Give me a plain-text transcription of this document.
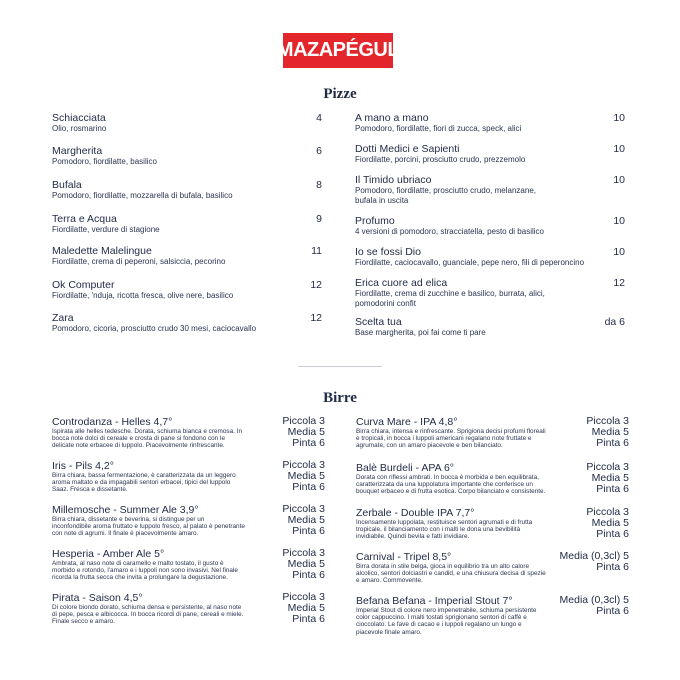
MAZAPÉGUL
Pizze
Schiacciata
Olio, rosmarino
4
Margherita
Pomodoro, fiordilatte, basilico
6
Bufala
Pomodoro, fiordilatte, mozzarella di bufala, basilico
8
Terra e Acqua
Fiordilatte, verdure di stagione
9
Maledette Malelingue
Fiordilatte, crema di peperoni, salsiccia, pecorino
11
Ok Computer
Fiordilatte, 'nduja, ricotta fresca, olive nere, basilico
12
Zara
Pomodoro, cicoria, prosciutto crudo 30 mesi, caciocavallo
12
A mano a mano
Pomodoro, fiordilatte, fiori di zucca, speck, alici
10
Dotti Medici e Sapienti
Fiordilatte, porcini, prosciutto crudo, prezzemolo
10
Il Timido ubriaco
Pomodoro, fiordilatte, prosciutto crudo, melanzane, bufala in uscita
10
Profumo
4 versioni di pomodoro, stracciatella, pesto di basilico
10
Io se fossi Dio
Fiordilatte, caciocavallo, guanciale, pepe nero, fili di peperoncino
10
Erica cuore ad elica
Fiordilatte, crema di zucchine e basilico, burrata, alici, pomodorini confit
12
Scelta tua
Base margherita, poi fai come ti pare
da 6
Birre
Controdanza - Helles 4,7°
Ispirata alle helles tedesche. Dorata, schiuma bianca e cremosa. In bocca note dolci di cereale e crosta di pane si fondono con le delicate note erbacee di luppolo. Piacevolmente rinfrescante.
Piccola 3
Media 5
Pinta 6
Iris - Pils 4,2°
Birra chiara, bassa fermentazione, è caratterizzata da un leggero aroma maltato e da impagabili sentori erbacei, tipici del luppolo Saaz. Fresca e dissetante.
Piccola 3
Media 5
Pinta 6
Millemosche - Summer Ale 3,9°
Birra chiara, dissetante e beverina, si distingue per un inconfondibile aroma fruttato e luppolo fresco, al palato è penetrante con note di agrumi. Il finale è piacevolmente amaro.
Piccola 3
Media 5
Pinta 6
Hesperia - Amber Ale 5°
Ambrata, al naso note di caramello e malto tostato, il gusto è morbido e rotondo, l'amaro e i luppoli non sono invasivi. Nel finale ricorda la frutta secca che invita a prolungare la degustazione.
Piccola 3
Media 5
Pinta 6
Pirata - Saison 4,5°
Di colore biondo dorato, schiuma densa e persistente, al naso note di pepe, pesca e albicocca. In bocca ricordi di pane, cereali e miele. Finale secco e amaro.
Piccola 3
Media 5
Pinta 6
Curva Mare - IPA 4,8°
Birra chiara, intensa e rinfrescante. Sprigiona decisi profumi floreali e tropicali, in bocca i luppoli americani regalano note fruttate e agrumate, con un amaro piacevole e ben bilanciato.
Piccola 3
Media 5
Pinta 6
Balè Burdeli - APA 6°
Dorata con riflessi ambrati. In bocca è morbida e ben equilibrata, caratterizzata da una luppolatura importante che conferisce un bouquet erbaceo e di frutta esotica. Corpo bilanciato e consistente.
Piccola 3
Media 5
Pinta 6
Zerbale - Double IPA 7,7°
Incensamente luppolata, restituisce sentori agrumati e di frutta tropicale, il bilanciamento con i malti le dona una bevibilità invidiabile. Quindi bevila e fatti invidiare.
Piccola 3
Media 5
Pinta 6
Carnival - Tripel 8,5°
Birra dorata in stile belga, gioca in equilibrio tra un alto calore alcolico, sentori dolciastri e candid, e una chiusura decisa di spezie e amaro. Commovente.
Media (0,3cl) 5
Pinta 6
Befana Befana - Imperial Stout 7°
Imperial Stout di colore nero impenetrabile, schiuma persistente color cappuccino. I malti tostati sprigionano sentori di caffè e cioccolato. Le fave di cacao e i luppoli regalano un lungo e piacevole finale amaro.
Media (0,3cl) 5
Pinta 6
